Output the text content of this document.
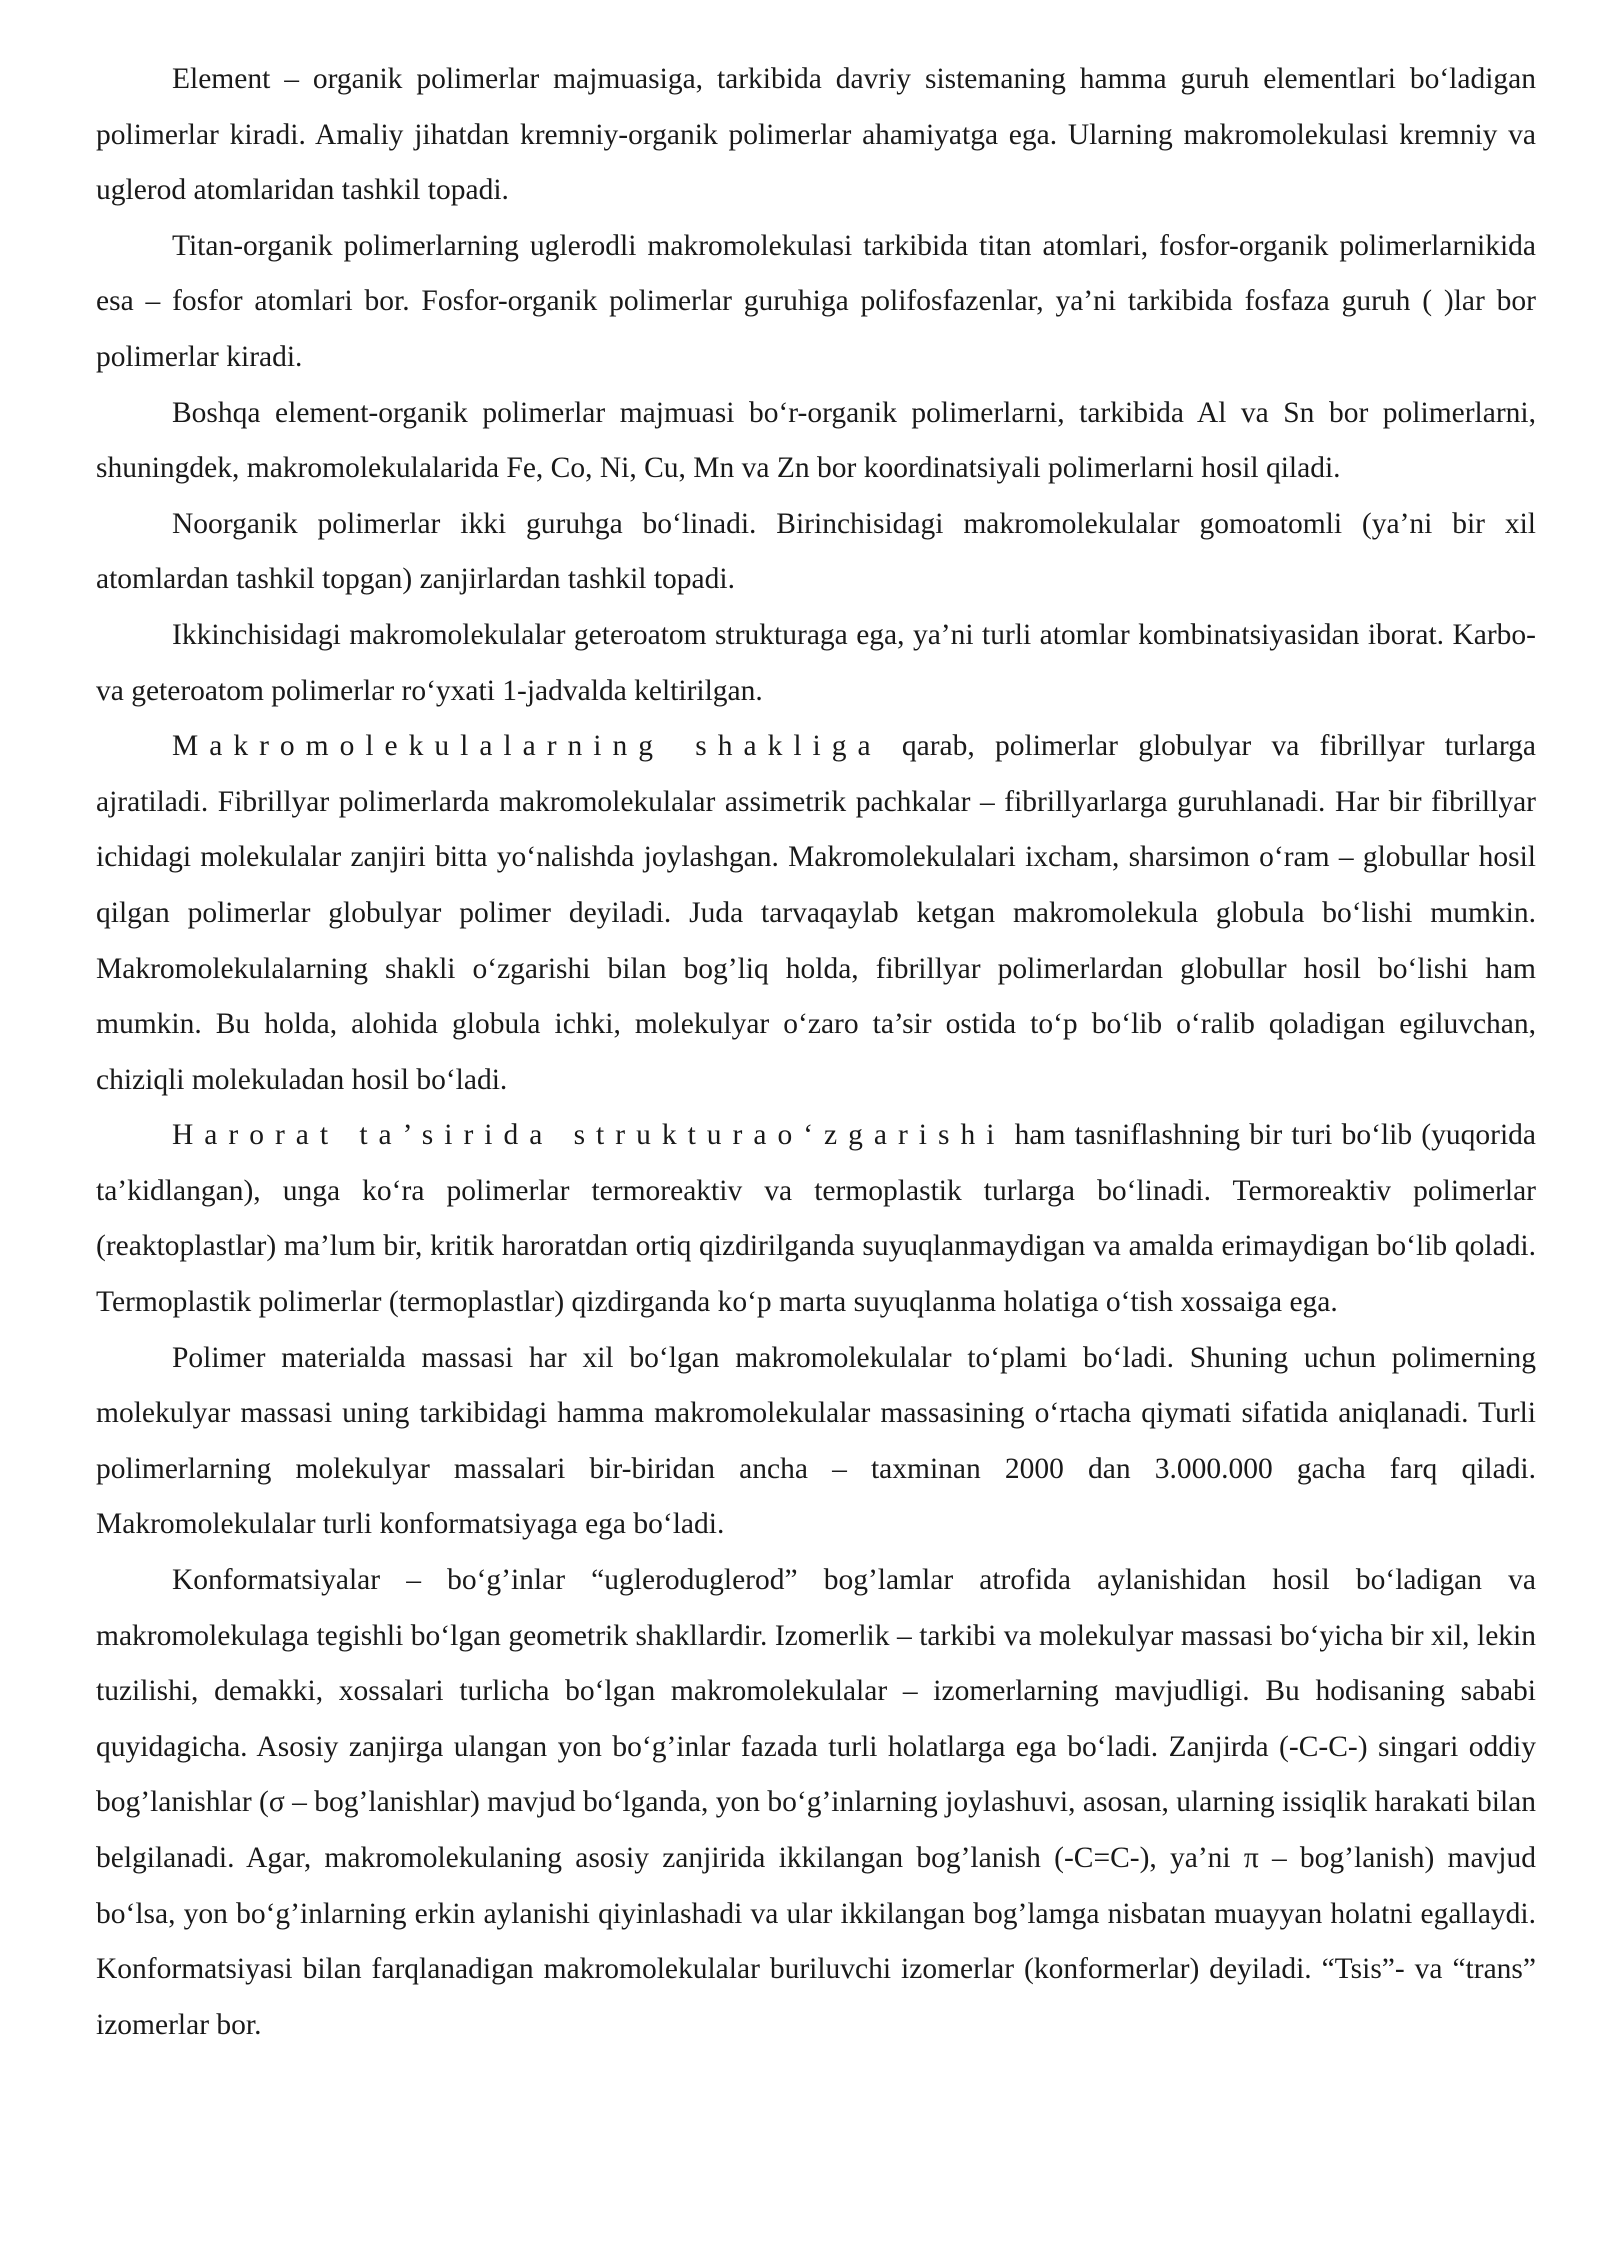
Element – organik polimerlar majmuasiga, tarkibida davriy sistemaning hamma guruh elementlari boʻladigan polimerlar kiradi. Amaliy jihatdan kremniy-organik polimerlar ahamiyatga ega. Ularning makromolekulasi kremniy va uglerod atomlaridan tashkil topadi.

Titan-organik polimerlarning uglerodli makromolekulasi tarkibida titan atomlari, fosfor-organik polimerlarnikida esa – fosfor atomlari bor. Fosfor-organik polimerlar guruhiga polifosfazenlar, ya’ni tarkibida fosfaza guruh ( )lar bor polimerlar kiradi.

Boshqa element-organik polimerlar majmuasi boʻr-organik polimerlarni, tarkibida Al va Sn bor polimerlarni, shuningdek, makromolekulalarida Fe, Co, Ni, Cu, Mn va Zn bor koordinatsiyali polimerlarni hosil qiladi.

Noorganik polimerlar ikki guruhga boʻlinadi. Birinchisidagi makromolekulalar gomoatomli (ya’ni bir xil atomlardan tashkil topgan) zanjirlardan tashkil topadi.

Ikkinchisidagi makromolekulalar geteroatom strukturaga ega, ya’ni turli atomlar kombinatsiyasidan iborat. Karbo- va geteroatom polimerlar roʻyxati 1-jadvalda keltirilgan.

Makromolekulalarning shakliga qarab, polimerlar globulyar va fibrillyar turlarga ajratiladi. Fibrillyar polimerlarda makromolekulalar assimetrik pachkalar – fibrillyarlarga guruhlanadi. Har bir fibrillyar ichidagi molekulalar zanjiri bitta yoʻnalishda joylashgan. Makromolekulalari ixcham, sharsimon oʻram – globullar hosil qilgan polimerlar globulyar polimer deyiladi. Juda tarvaqaylab ketgan makromolekula globula boʻlishi mumkin. Makromolekulalarning shakli oʻzgarishi bilan bog’liq holda, fibrillyar polimerlardan globullar hosil boʻlishi ham mumkin. Bu holda, alohida globula ichki, molekulyar oʻzaro ta’sir ostida toʻp boʻlib oʻralib qoladigan egiluvchan, chiziqli molekuladan hosil boʻladi.

Harorat ta’sirida strukturaoʻzgarishi ham tasniflashning bir turi boʻlib (yuqorida ta’kidlangan), unga koʻra polimerlar termoreaktiv va termoplastik turlarga boʻlinadi. Termoreaktiv polimerlar (reaktoplastlar) ma’lum bir, kritik haroratdan ortiq qizdirilganda suyuqlanmaydigan va amalda erimaydigan boʻlib qoladi. Termoplastik polimerlar (termoplastlar) qizdirganda koʻp marta suyuqlanma holatiga oʻtish xossaiga ega.

Polimer materialda massasi har xil boʻlgan makromolekulalar toʻplami boʻladi. Shuning uchun polimerning molekulyar massasi uning tarkibidagi hamma makromolekulalar massasining oʻrtacha qiymati sifatida aniqlanadi. Turli polimerlarning molekulyar massalari bir-biridan ancha – taxminan 2000 dan 3.000.000 gacha farq qiladi. Makromolekulalar turli konformatsiyaga ega boʻladi.

Konformatsiyalar – boʻg’inlar “ugleroduglerod” bog’lamlar atrofida aylanishidan hosil boʻladigan va makromolekulaga tegishli boʻlgan geometrik shakllardir. Izomerlik – tarkibi va molekulyar massasi boʻyicha bir xil, lekin tuzilishi, demakki, xossalari turlicha boʻlgan makromolekulalar – izomerlarning mavjudligi. Bu hodisaning sababi quyidagicha. Asosiy zanjirga ulangan yon boʻg’inlar fazada turli holatlarga ega boʻladi. Zanjirda (-C-C-) singari oddiy bog’lanishlar (σ – bog’lanishlar) mavjud boʻlganda, yon boʻg’inlarning joylashuvi, asosan, ularning issiqlik harakati bilan belgilanadi. Agar, makromolekulaning asosiy zanjirida ikkilangan bog’lanish (-C=C-), ya’ni π – bog’lanish) mavjud boʻlsa, yon boʻg’inlarning erkin aylanishi qiyinlashadi va ular ikkilangan bog’lamga nisbatan muayyan holatni egallaydi. Konformatsiyasi bilan farqlanadigan makromolekulalar buriluvchi izomerlar (konformerlar) deyiladi. “Tsis”- va “trans” izomerlar bor.
